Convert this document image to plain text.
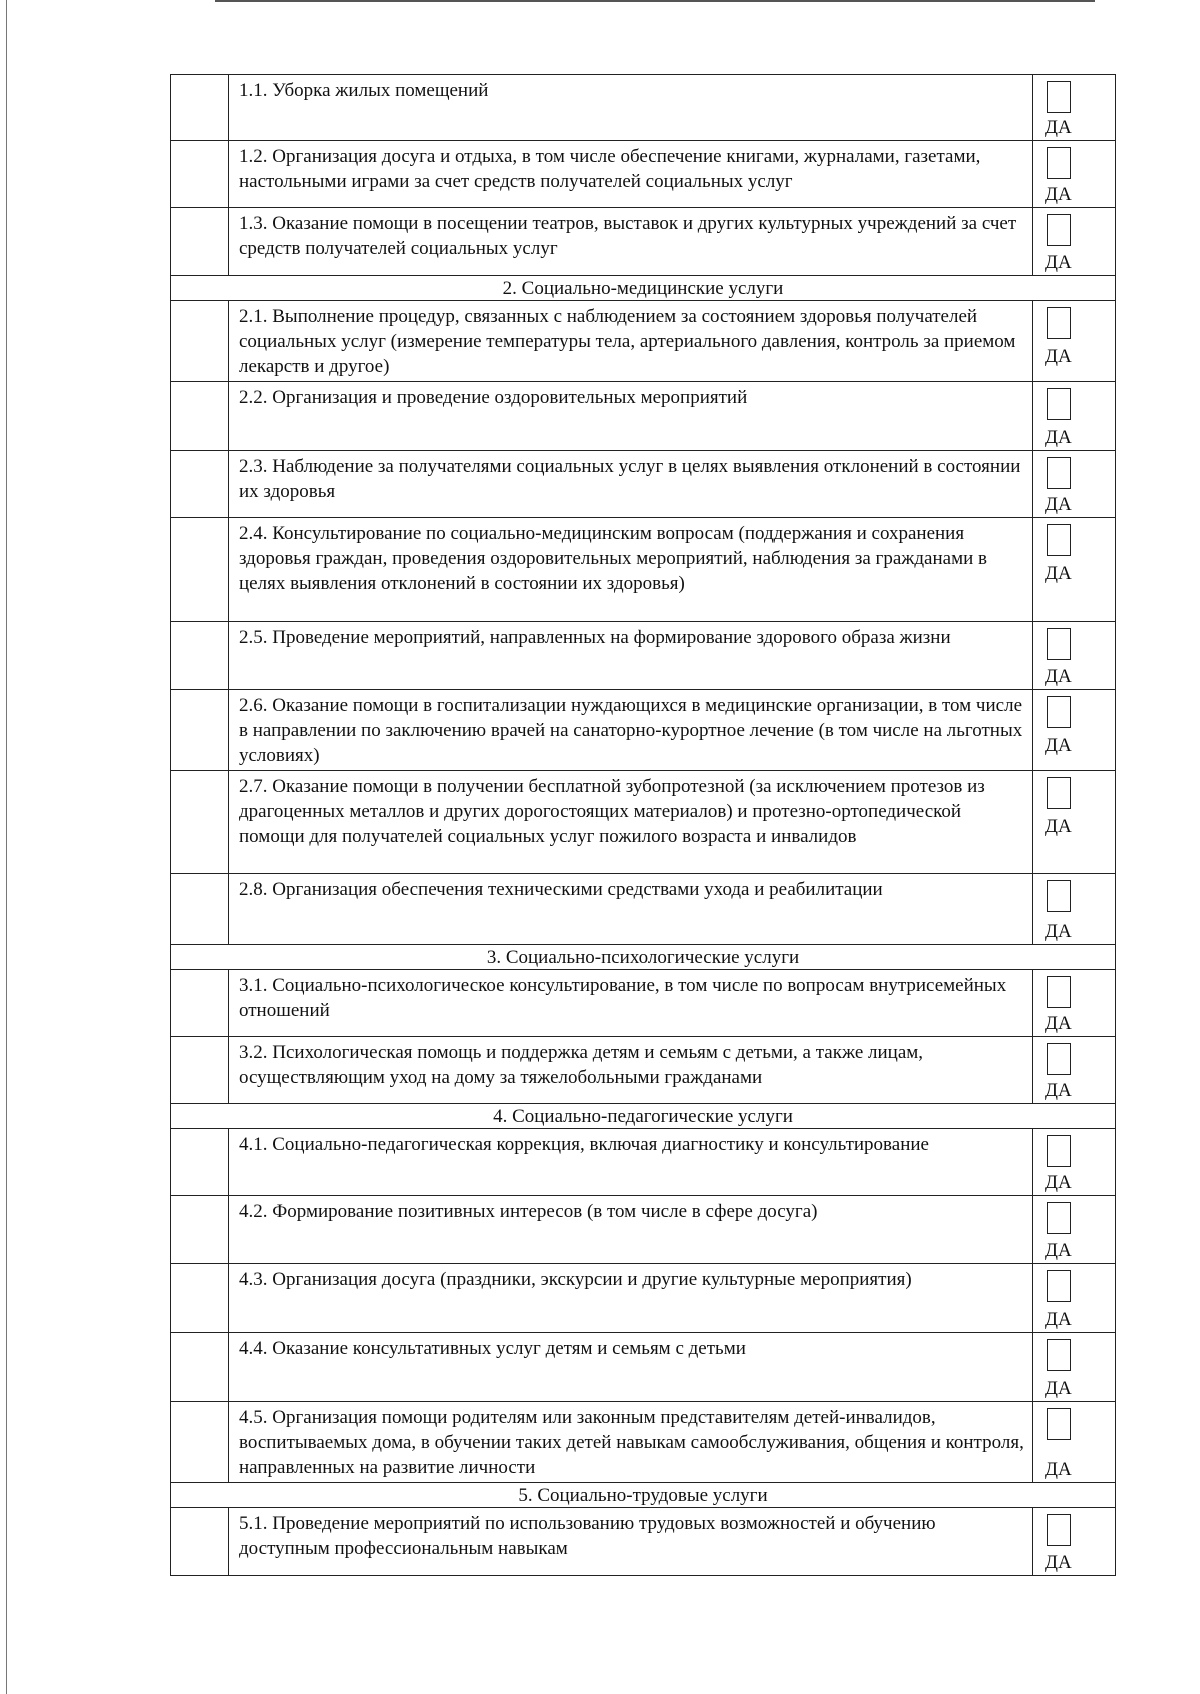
	1.1. Уборка жилых помещений	ДА

	1.2. Организация досуга и отдыха, в том числе обеспечение книгами, журналами, газетами, настольными играми за счет средств получателей социальных услуг	ДА

	1.3. Оказание помощи в посещении театров, выставок и других культурных учреждений за счет средств получателей социальных услуг	ДА

2. Социально-медицинские услуги		
	2.1. Выполнение процедур, связанных с наблюдением за состоянием здоровья получателей социальных услуг (измерение температуры тела, артериального давления, контроль за приемом лекарств и другое)	ДА

	2.2. Организация и проведение оздоровительных мероприятий	ДА

	2.3. Наблюдение за получателями социальных услуг в целях выявления отклонений в состоянии их здоровья	ДА

	2.4. Консультирование по социально-медицинским вопросам (поддержания и сохранения здоровья граждан, проведения оздоровительных мероприятий, наблюдения за гражданами в целях выявления отклонений в состоянии их здоровья)	ДА

	2.5. Проведение мероприятий, направленных на формирование здорового образа жизни	ДА

	2.6. Оказание помощи в госпитализации нуждающихся в медицинские организации, в том числе в направлении по заключению врачей на санаторно-курортное лечение (в том числе на льготных условиях)	ДА

	2.7. Оказание помощи в получении бесплатной зубопротезной (за исключением протезов из драгоценных металлов и других дорогостоящих материалов) и протезно-ортопедической помощи для получателей социальных услуг пожилого возраста и инвалидов	ДА

	2.8. Организация обеспечения техническими средствами ухода и реабилитации	ДА

3. Социально-психологические услуги		
	3.1. Социально-психологическое консультирование, в том числе по вопросам внутрисемейных отношений	ДА

	3.2. Психологическая помощь и поддержка детям и семьям с детьми, а также лицам, осуществляющим уход на дому за тяжелобольными гражданами	ДА

4. Социально-педагогические услуги		
	4.1. Социально-педагогическая коррекция, включая диагностику и консультирование	ДА

	4.2. Формирование позитивных интересов (в том числе в сфере досуга)	ДА

	4.3. Организация досуга (праздники, экскурсии и другие культурные мероприятия)	ДА

	4.4. Оказание консультативных услуг детям и семьям с детьми	ДА

	4.5. Организация помощи родителям или законным представителям детей-инвалидов, воспитываемых дома, в обучении таких детей навыкам самообслуживания, общения и контроля, направленных на развитие личности	ДА

5. Социально-трудовые услуги		
	5.1. Проведение мероприятий по использованию трудовых возможностей и обучению доступным профессиональным навыкам	ДА
